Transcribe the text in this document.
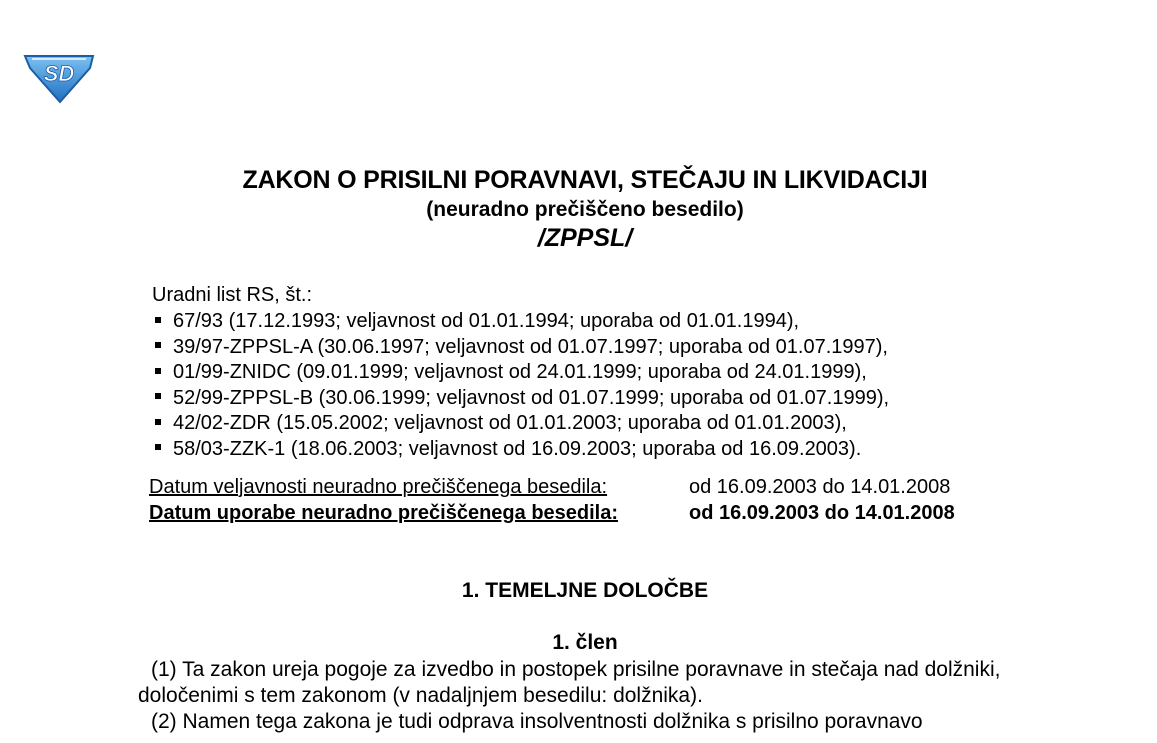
SD
ZAKON O PRISILNI PORAVNAVI, STEČAJU IN LIKVIDACIJI
(neuradno prečiščeno besedilo)
/ZPPSL/
Uradni list RS, št.:
67/93 (17.12.1993; veljavnost od 01.01.1994; uporaba od 01.01.1994),
39/97-ZPPSL-A (30.06.1997; veljavnost od 01.07.1997; uporaba od 01.07.1997),
01/99-ZNIDC (09.01.1999; veljavnost od 24.01.1999; uporaba od 24.01.1999),
52/99-ZPPSL-B (30.06.1999; veljavnost od 01.07.1999; uporaba od 01.07.1999),
42/02-ZDR (15.05.2002; veljavnost od 01.01.2003; uporaba od 01.01.2003),
58/03-ZZK-1 (18.06.2003; veljavnost od 16.09.2003; uporaba od 16.09.2003).
Datum veljavnosti neuradno prečiščenega besedila:	od 16.09.2003 do 14.01.2008
Datum uporabe neuradno prečiščenega besedila:	od 16.09.2003 do 14.01.2008
1. TEMELJNE DOLOČBE
1. člen
(1) Ta zakon ureja pogoje za izvedbo in postopek prisilne poravnave in stečaja nad dolžniki, določenimi s tem zakonom (v nadaljnjem besedilu: dolžnika).
(2) Namen tega zakona je tudi odprava insolventnosti dolžnika s prisilno poravnavo
